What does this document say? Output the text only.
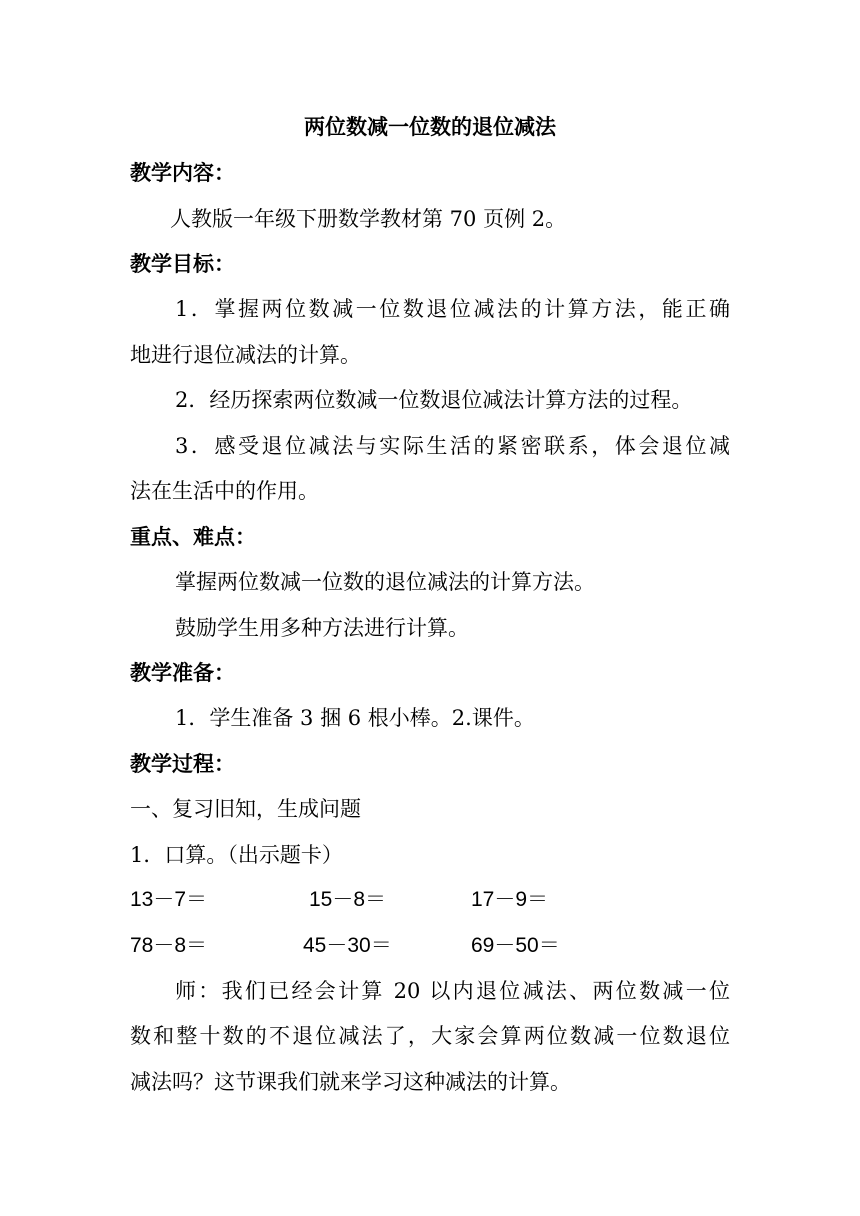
两位数减一位数的退位减法
教学内容：
人教版一年级下册数学教材第 70 页例 2。
教学目标：
1．掌握两位数减一位数退位减法的计算方法，能正确
地进行退位减法的计算。
2．经历探索两位数减一位数退位减法计算方法的过程。
3．感受退位减法与实际生活的紧密联系，体会退位减
法在生活中的作用。
重点、难点：
掌握两位数减一位数的退位减法的计算方法。
鼓励学生用多种方法进行计算。
教学准备：
1．学生准备 3 捆 6 根小棒。2.课件。
教学过程：
一、复习旧知，生成问题
1．口算。（出示题卡）
13－7＝	15－8＝	17－9＝
78－8＝	45－30＝	69－50＝
师：我们已经会计算 20 以内退位减法、两位数减一位
数和整十数的不退位减法了，大家会算两位数减一位数退位
减法吗？这节课我们就来学习这种减法的计算。
